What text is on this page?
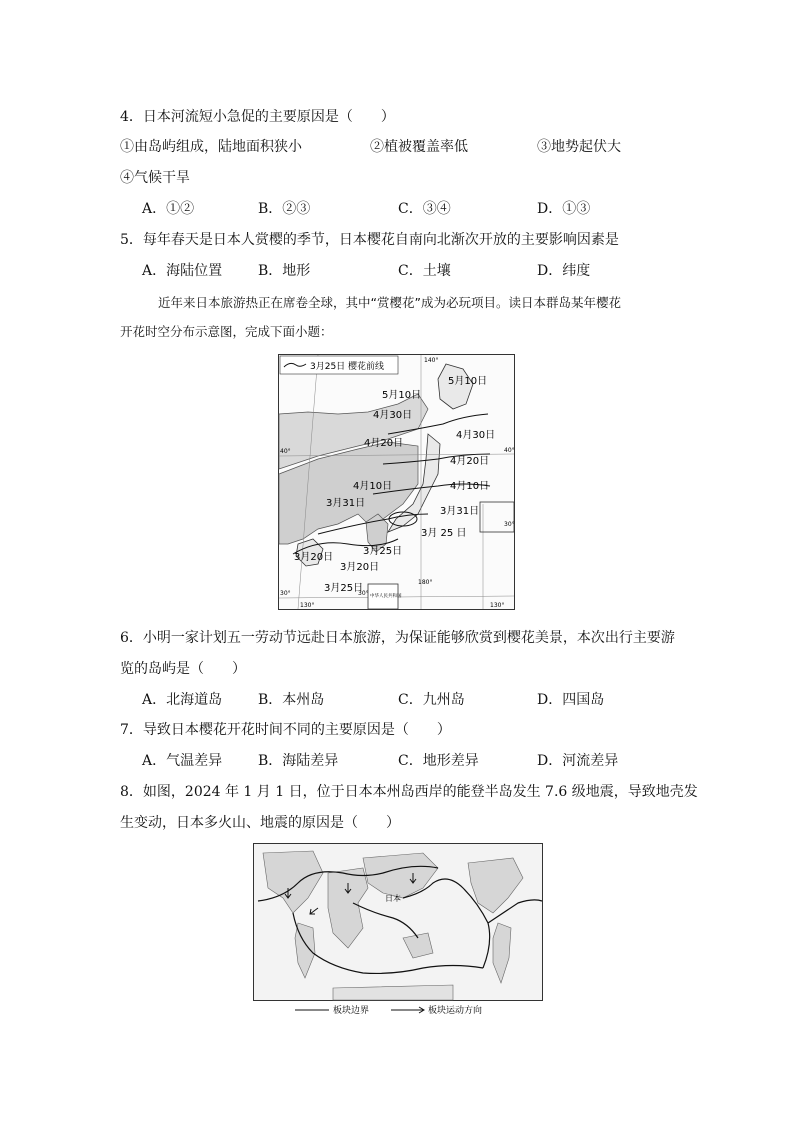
4．日本河流短小急促的主要原因是（　　）
①由岛屿组成，陆地面积狭小	②植被覆盖率低	③地势起伏大
④气候干旱
A．①②	B．②③	C．③④	D．①③
5．每年春天是日本人赏樱的季节，日本樱花自南向北渐次开放的主要影响因素是
A．海陆位置	B．地形	C．土壤	D．纬度
近年来日本旅游热正在席卷全球，其中“赏樱花”成为必玩项目。读日本群岛某年樱花
开花时空分布示意图，完成下面小题：
3月25日 樱花前线
5月10日
5月10日
4月30日
4月30日
4月20日
4月20日
4月10日	4月10日
3月31日
3月31日
3月 25 日
3月25日
3月20日
3月20日
3月25日
40°	40°
30°	30°
30°
140°
130°	130°
180°
中华人民共和国
6．小明一家计划五一劳动节远赴日本旅游，为保证能够欣赏到樱花美景，本次出行主要游
览的岛屿是（　　）
A．北海道岛	B．本州岛	C．九州岛	D．四国岛
7．导致日本樱花开花时间不同的主要原因是（　　）
A．气温差异	B．海陆差异	C．地形差异	D．河流差异
8．如图，2024 年 1 月 1 日，位于日本本州岛西岸的能登半岛发生 7.6 级地震，导致地壳发
生变动，日本多火山、地震的原因是（　　）
日本
板块边界	板块运动方向
